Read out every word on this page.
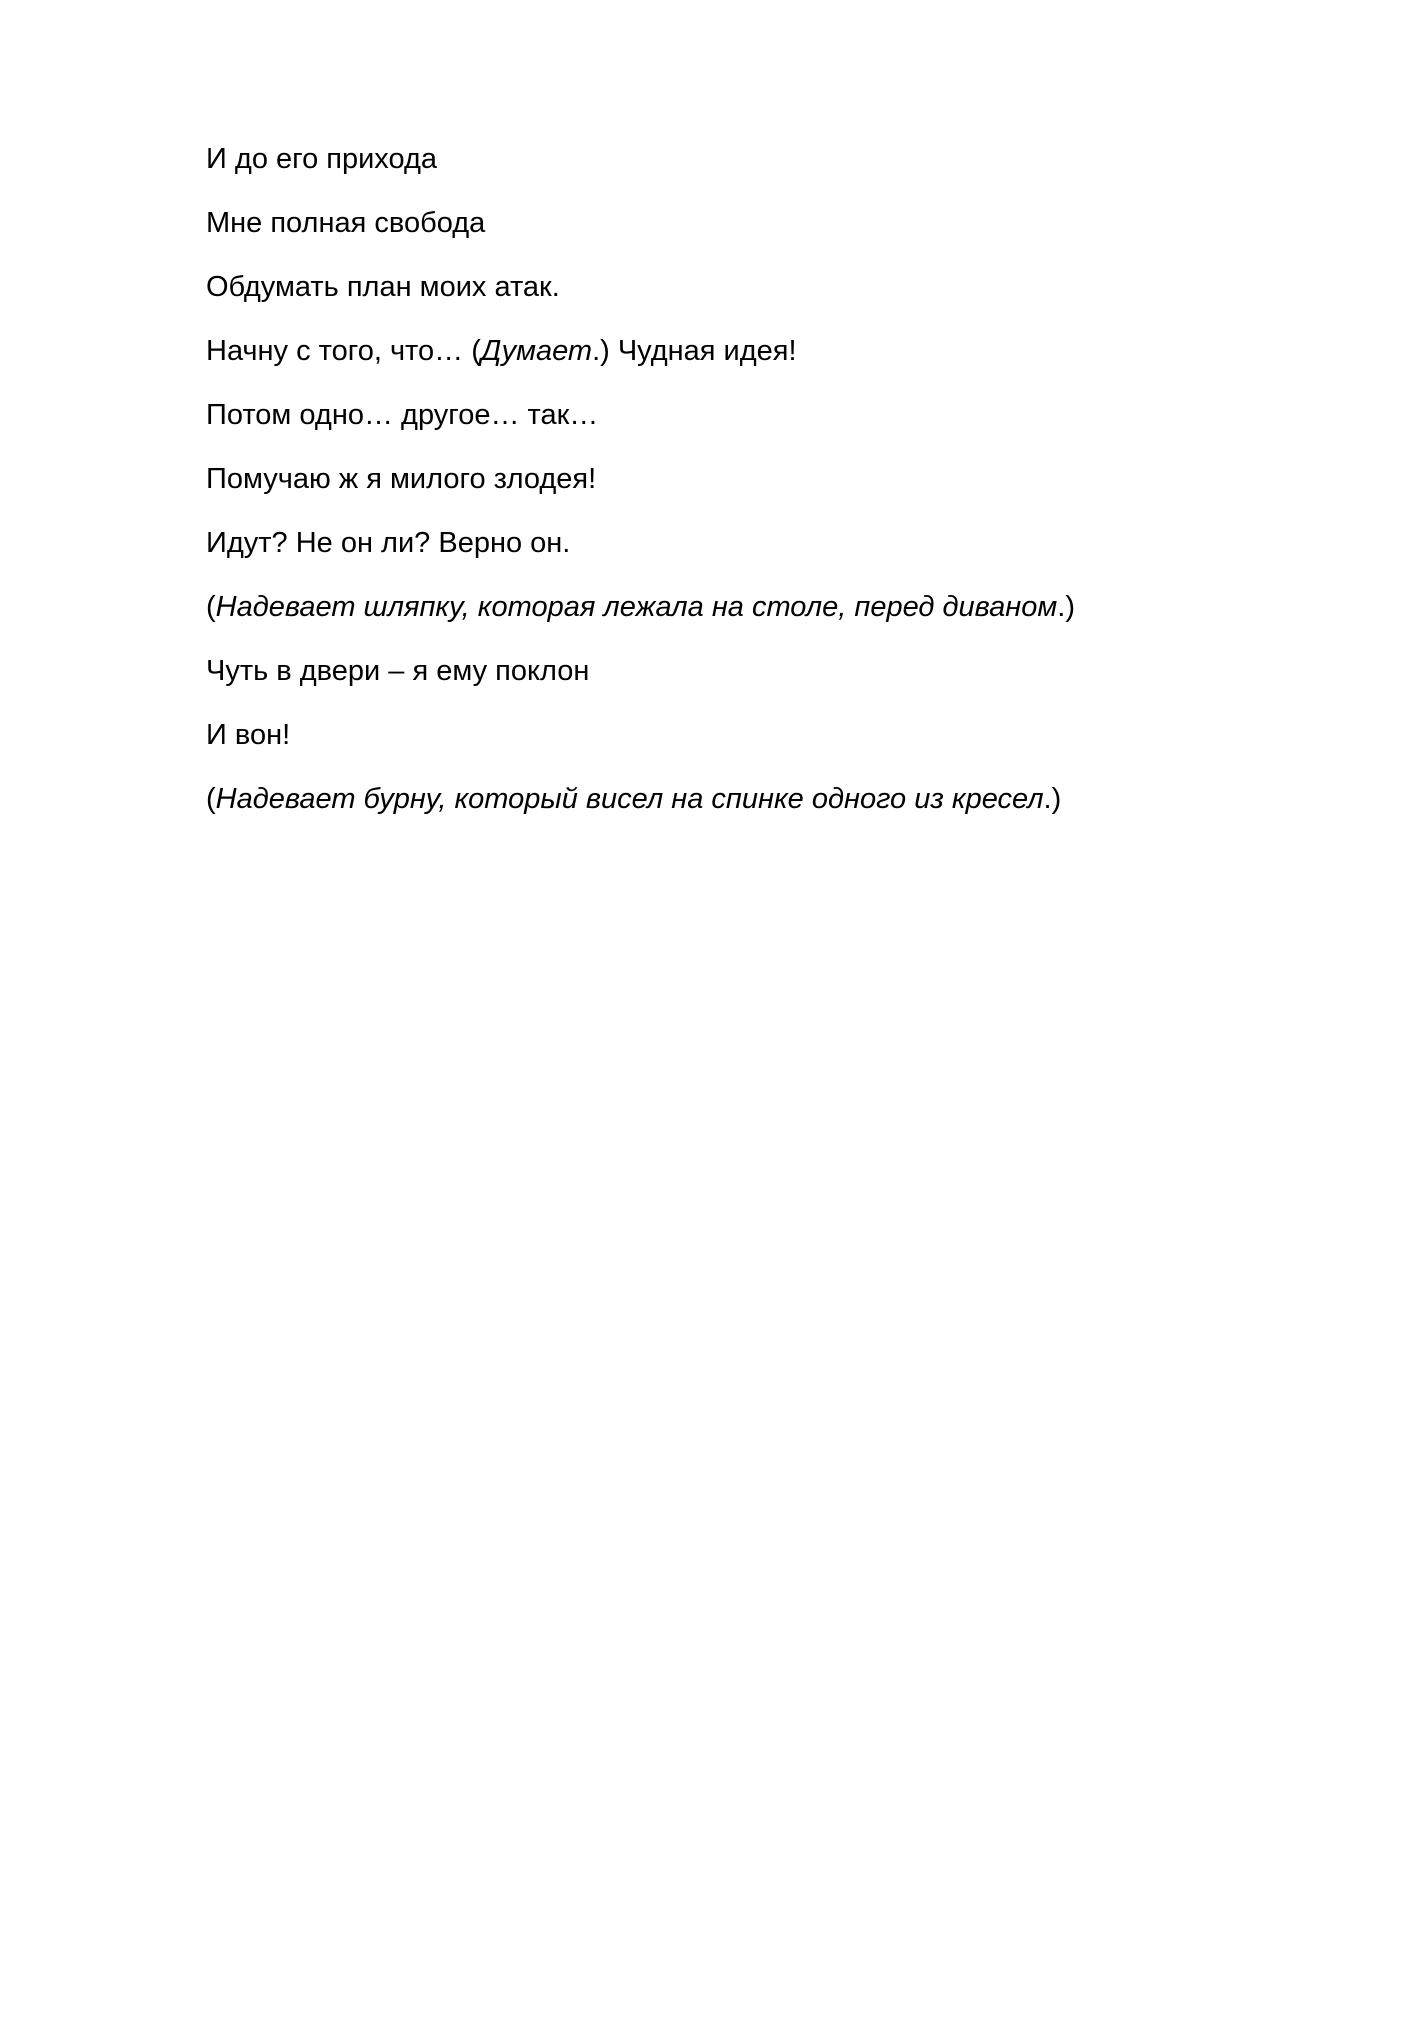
И до его прихода
Мне полная свобода
Обдумать план моих атак.
Начну с того, что… (Думает.) Чудная идея!
Потом одно… другое… так…
Помучаю ж я милого злодея!
Идут? Не он ли? Верно он.
(Надевает шляпку, которая лежала на столе, перед диваном.)
Чуть в двери – я ему поклон
И вон!
(Надевает бурну, который висел на спинке одного из кресел.)
